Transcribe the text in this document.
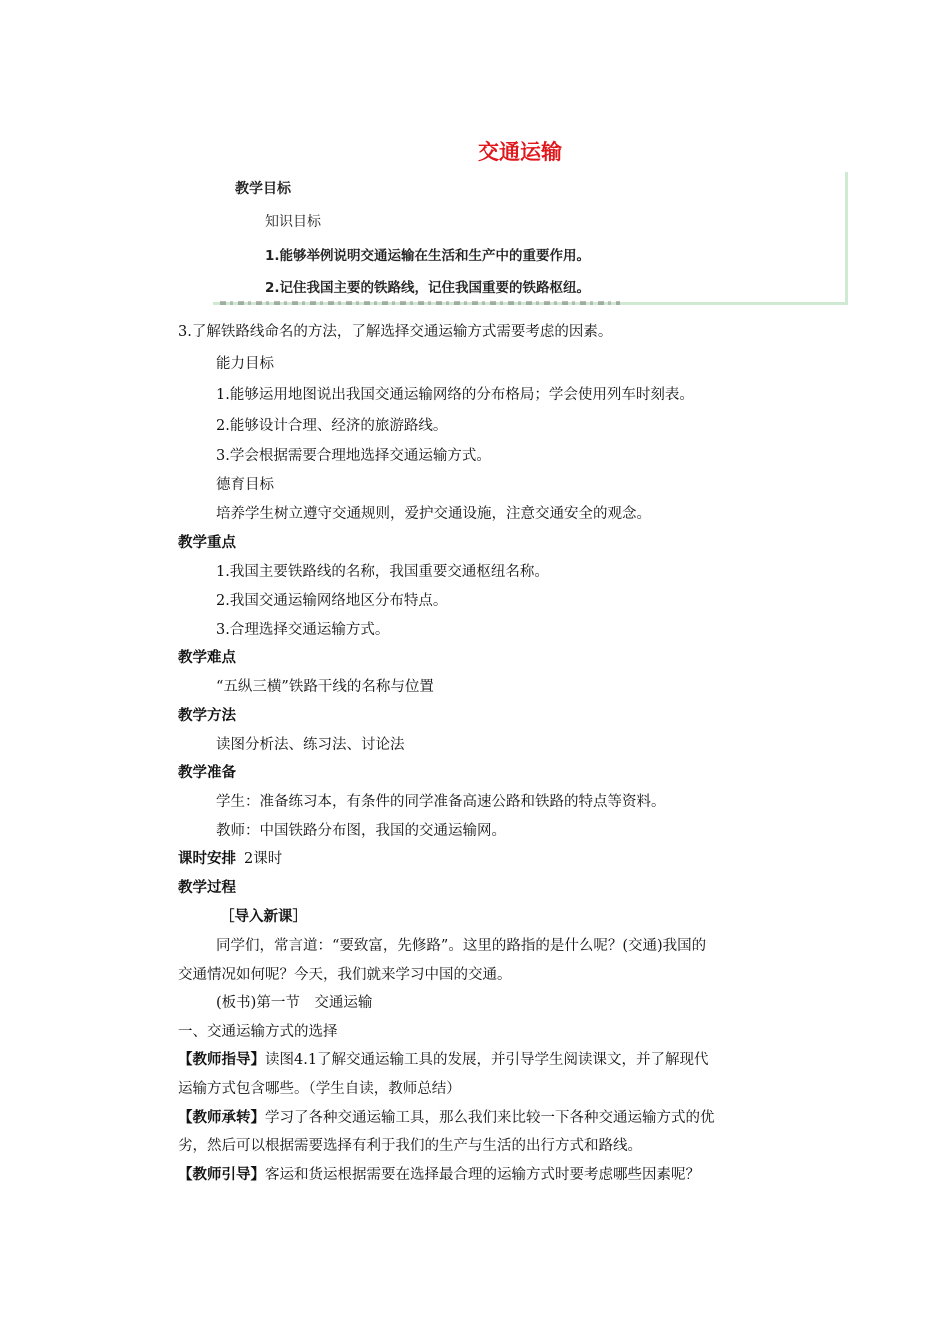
交通运输
教学目标
知识目标
1.能够举例说明交通运输在生活和生产中的重要作用。
2.记住我国主要的铁路线，记住我国重要的铁路枢纽。
3.了解铁路线命名的方法，了解选择交通运输方式需要考虑的因素。
能力目标
1.能够运用地图说出我国交通运输网络的分布格局；学会使用列车时刻表。
2.能够设计合理、经济的旅游路线。
3.学会根据需要合理地选择交通运输方式。
德育目标
培养学生树立遵守交通规则，爱护交通设施，注意交通安全的观念。
教学重点
1.我国主要铁路线的名称，我国重要交通枢纽名称。
2.我国交通运输网络地区分布特点。
3.合理选择交通运输方式。
教学难点
“五纵三横”铁路干线的名称与位置
教学方法
读图分析法、练习法、讨论法
教学准备
学生：准备练习本，有条件的同学准备高速公路和铁路的特点等资料。
教师：中国铁路分布图，我国的交通运输网。
课时安排 2课时
教学过程
［导入新课］
同学们，常言道：“要致富，先修路”。这里的路指的是什么呢？(交通)我国的
交通情况如何呢？今天，我们就来学习中国的交通。
(板书)第一节　交通运输
一、交通运输方式的选择
【教师指导】读图4.1了解交通运输工具的发展，并引导学生阅读课文，并了解现代
运输方式包含哪些。（学生自读，教师总结）
【教师承转】学习了各种交通运输工具，那么我们来比较一下各种交通运输方式的优
劣，然后可以根据需要选择有利于我们的生产与生活的出行方式和路线。
【教师引导】客运和货运根据需要在选择最合理的运输方式时要考虑哪些因素呢？
